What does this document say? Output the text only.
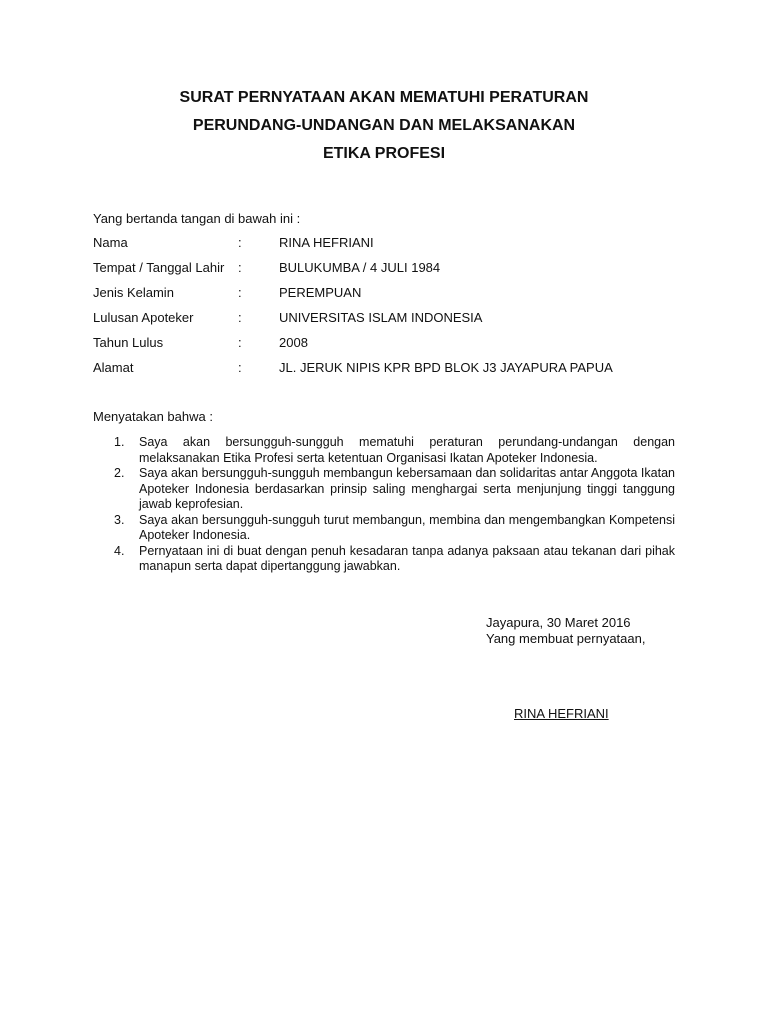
SURAT PERNYATAAN AKAN MEMATUHI PERATURAN
PERUNDANG-UNDANGAN DAN MELAKSANAKAN
ETIKA PROFESI
Yang bertanda tangan di bawah ini :
Nama	:	RINA HEFRIANI
Tempat / Tanggal Lahir :	BULUKUMBA / 4 JULI 1984
Jenis Kelamin	:	PEREMPUAN
Lulusan Apoteker	:	UNIVERSITAS ISLAM INDONESIA
Tahun Lulus	:	2008
Alamat	:	JL. JERUK NIPIS KPR BPD BLOK J3 JAYAPURA PAPUA
Menyatakan bahwa :
1. Saya akan bersungguh-sungguh mematuhi peraturan perundang-undangan dengan melaksanakan Etika Profesi serta ketentuan Organisasi Ikatan Apoteker Indonesia.
2. Saya akan bersungguh-sungguh membangun kebersamaan dan solidaritas antar Anggota Ikatan Apoteker Indonesia berdasarkan prinsip saling menghargai serta menjunjung tinggi tanggung jawab keprofesian.
3. Saya akan bersungguh-sungguh turut membangun, membina dan mengembangkan Kompetensi Apoteker Indonesia.
4. Pernyataan ini di buat dengan penuh kesadaran tanpa adanya paksaan atau tekanan dari pihak manapun serta dapat dipertanggung jawabkan.
Jayapura, 30 Maret 2016
Yang membuat pernyataan,
RINA HEFRIANI
